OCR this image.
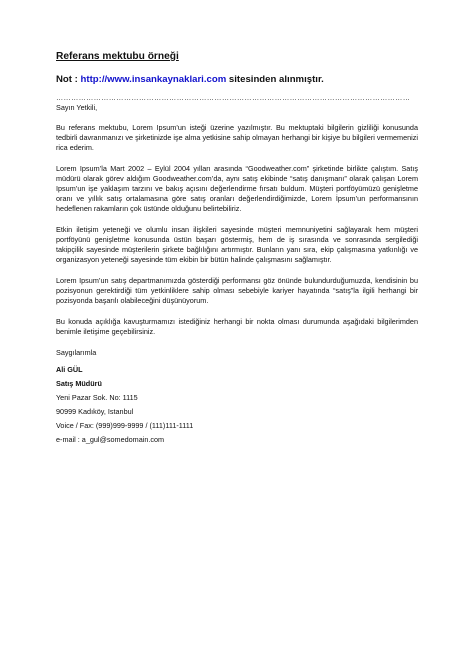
Referans mektubu örneği
Not : http://www.insankaynaklari.com sitesinden alınmıştır.
……………………………………………………………………………………………………………………………

Sayın Yetkili,

Bu referans mektubu, Lorem Ipsum’un isteği üzerine yazılmıştır. Bu mektuptaki bilgilerin gizliliği konusunda tedbirli davranmanızı ve şirketinizde işe alma yetkisine sahip olmayan herhangi bir kişiye bu bilgileri vermemenizi rica ederim.

Lorem Ipsum’la Mart 2002 – Eylül 2004 yılları arasında “Goodweather.com” şirketinde birlikte çalıştım. Satış müdürü olarak görev aldığım Goodweather.com’da, aynı satış ekibinde “satış danışmanı” olarak çalışan Lorem Ipsum’un işe yaklaşım tarzını ve bakış açısını değerlendirme fırsatı buldum. Müşteri portföyümüzü genişletme oranı ve yıllık satış ortalamasına göre satış oranları değerlendirdiğimizde, Lorem İpsum’un performansının hedeflenen rakamların çok üstünde olduğunu belirtebiliriz.

Etkin iletişim yeteneği ve olumlu insan ilişkileri sayesinde müşteri memnuniyetini sağlayarak hem müşteri portföyünü genişletme konusunda üstün başarı göstermiş, hem de iş sırasında ve sonrasında sergilediği takipçilik sayesinde müşterilerin şirkete bağlılığını artırmıştır. Bunların yanı sıra, ekip çalışmasına yatkınlığı ve organizasyon yeteneği sayesinde tüm ekibin bir bütün halinde çalışmasını sağlamıştır.

Lorem Ipsum’un satış departmanımızda gösterdiği performansı göz önünde bulundurduğumuzda, kendisinin bu pozisyonun gerektirdiği tüm yetkinliklere sahip olması sebebiyle kariyer hayatında “satış”la ilgili herhangi bir pozisyonda başarılı olabileceğini düşünüyorum.

Bu konuda açıklığa kavuşturmamızı istediğiniz herhangi bir nokta olması durumunda aşağıdaki bilgilerimden benimle iletişime geçebilirsiniz.

Saygılarımla
Ali GÜL
Satış Müdürü
Yeni Pazar Sok. No: 1115
90999 Kadıköy, Istanbul
Voice / Fax: (999)999-9999 / (111)111-1111
e-mail : a_gul@somedomain.com
